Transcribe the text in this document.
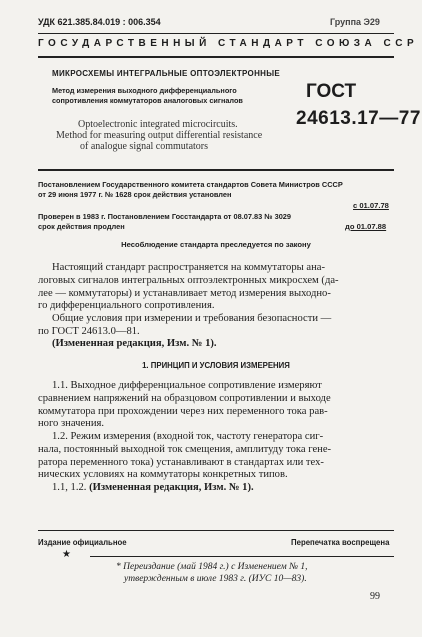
УДК 621.385.84.019 : 006.354	Группа Э29
ГОСУДАРСТВЕННЫЙ СТАНДАРТ СОЮЗА ССР
МИКРОСХЕМЫ ИНТЕГРАЛЬНЫЕ ОПТОЭЛЕКТРОННЫЕ
Метод измерения выходного дифференциального
сопротивления коммутаторов аналоговых сигналов
Optoelectronic integrated microcircuits.
Method for measuring output differential resistance
of analogue signal commutators
ГОСТ
24613.17—77
Постановлением Государственного комитета стандартов Совета Министров СССР
от 29 июня 1977 г. № 1628 срок действия установлен
с 01.07.78
Проверен в 1983 г. Постановлением Госстандарта от 08.07.83 № 3029
срок действия продлен	до 01.07.88
Несоблюдение стандарта преследуется по закону
Настоящий стандарт распространяется на коммутаторы ана-
логовых сигналов интегральных оптоэлектронных микросхем (да-
лее — коммутаторы) и устанавливает метод измерения выходно-
го дифференциального сопротивления.
Общие условия при измерении и требования безопасности —
по ГОСТ 24613.0—81.
(Измененная редакция, Изм. № 1).
1. ПРИНЦИП И УСЛОВИЯ ИЗМЕРЕНИЯ
1.1. Выходное дифференциальное сопротивление измеряют
сравнением напряжений на образцовом сопротивлении и выходе
коммутатора при прохождении через них переменного тока рав-
ного значения.
1.2. Режим измерения (входной ток, частоту генератора сиг-
нала, постоянный выходной ток смещения, амплитуду тока гене-
ратора переменного тока) устанавливают в стандартах или тех-
нических условиях на коммутаторы конкретных типов.
1.1, 1.2. (Измененная редакция, Изм. № 1).
Издание официальное	Перепечатка воспрещена
★
* Переиздание (май 1984 г.) с Изменением № 1,
утвержденным в июле 1983 г. (ИУС 10—83).
99
